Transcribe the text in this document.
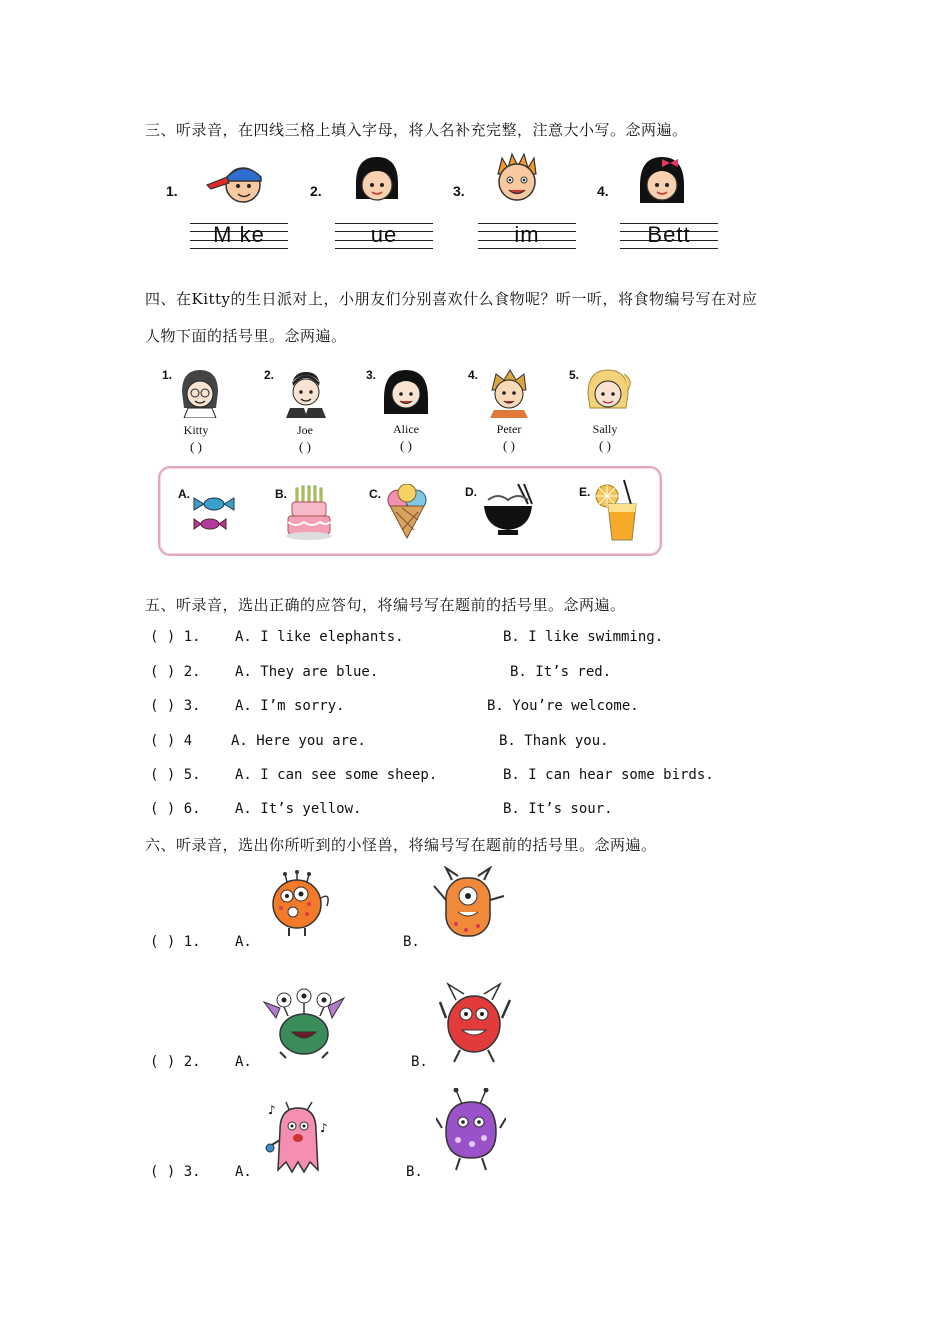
三、听录音，在四线三格上填入字母，将人名补充完整，注意大小写。念两遍。
1.
M ke
2.
ue
3.
im
4.
Bett
四、在Kitty的生日派对上，小朋友们分别喜欢什么食物呢？听一听，将食物编号写在对应
人物下面的括号里。念两遍。
1.
Kitty
( )
2.
Joe
( )
3.
Alice
( )
4.
Peter
( )
5.
Sally
( )
A.	B.	C.	D.	E.
五、听录音，选出正确的应答句，将编号写在题前的括号里。念两遍。
( ) 1. A. I like elephants.	B. I like swimming.
( ) 2. A. They are blue.	B. It’s red.
( ) 3. A. I’m sorry.	B. You’re welcome.
( ) 4	A. Here you are.	B. Thank you.
( ) 5. A. I can see some sheep.	B. I can hear some birds.
( ) 6. A. It’s yellow.	B. It’s sour.
六、听录音，选出你所听到的小怪兽，将编号写在题前的括号里。念两遍。
( ) 1. A.	B.
( ) 2. A.	B.
( ) 3. A.
♪
♪
B.
